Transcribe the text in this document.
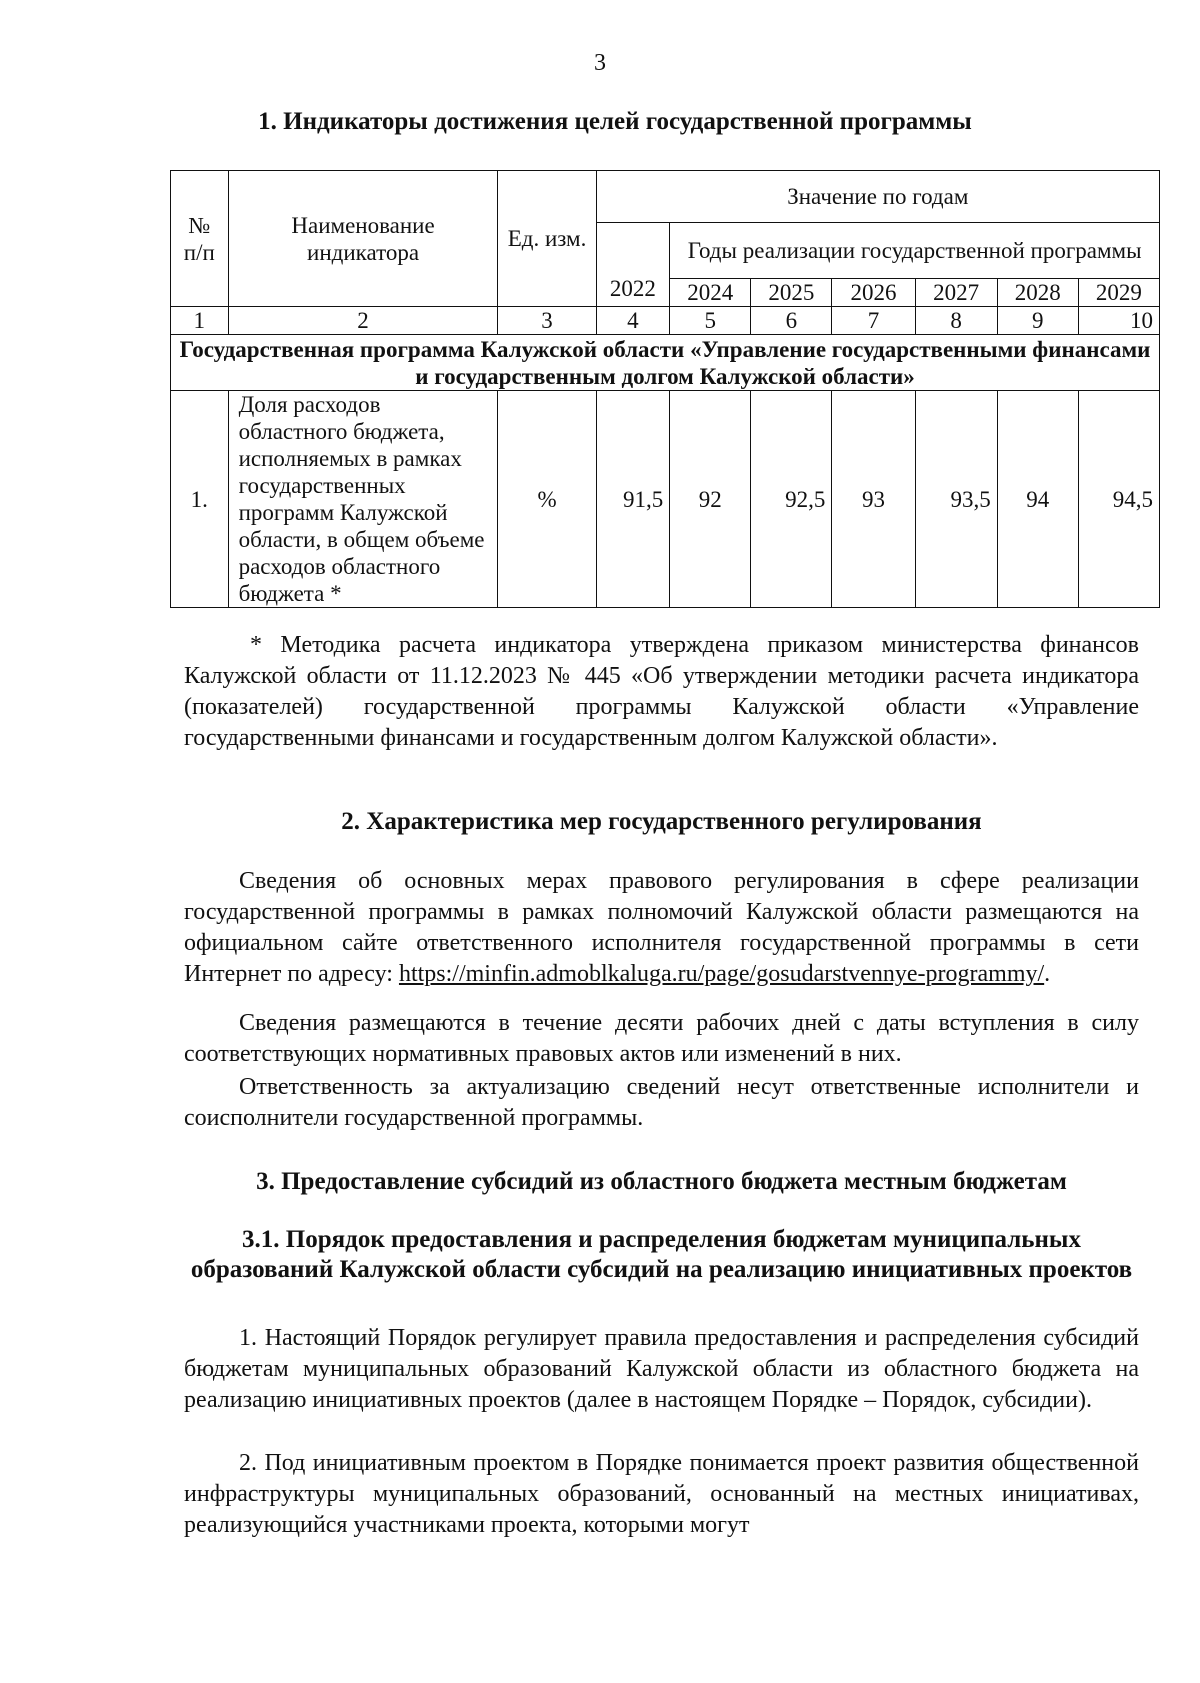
3
1. Индикаторы достижения целей государственной программы
№ п/п	Наименование индикатора	Ед. изм.	Значение по годам						
			2022	Годы реализации государственной программы					
				2024	2025	2026	2027	2028	2029
1	2	3	4	5	6	7	8	9	10
Государственная программа Калужской области «Управление государственными финансами и государственным долгом Калужской области»									
1.	Доля расходов областного бюджета, исполняемых в рамках государственных программ Калужской области, в общем объеме расходов областного бюджета *	%	91,5	92	92,5	93	93,5	94	94,5
* Методика расчета индикатора утверждена приказом министерства финансов Калужской области от 11.12.2023 № 445 «Об утверждении методики расчета индикатора (показателей) государственной программы Калужской области «Управление государственными финансами и государственным долгом Калужской области».
2. Характеристика мер государственного регулирования
Сведения об основных мерах правового регулирования в сфере реализации государственной программы в рамках полномочий Калужской области размещаются на официальном сайте ответственного исполнителя государственной программы в сети Интернет по адресу: https://minfin.admoblkaluga.ru/page/gosudarstvennye-programmy/.
Сведения размещаются в течение десяти рабочих дней с даты вступления в силу соответствующих нормативных правовых актов или изменений в них.
Ответственность за актуализацию сведений несут ответственные исполнители и соисполнители государственной программы.
3. Предоставление субсидий из областного бюджета местным бюджетам
3.1. Порядок предоставления и распределения бюджетам муниципальных образований Калужской области субсидий на реализацию инициативных проектов
1. Настоящий Порядок регулирует правила предоставления и распределения субсидий бюджетам муниципальных образований Калужской области из областного бюджета на реализацию инициативных проектов (далее в настоящем Порядке – Порядок, субсидии).
2. Под инициативным проектом в Порядке понимается проект развития общественной инфраструктуры муниципальных образований, основанный на местных инициативах, реализующийся участниками проекта, которыми могут
